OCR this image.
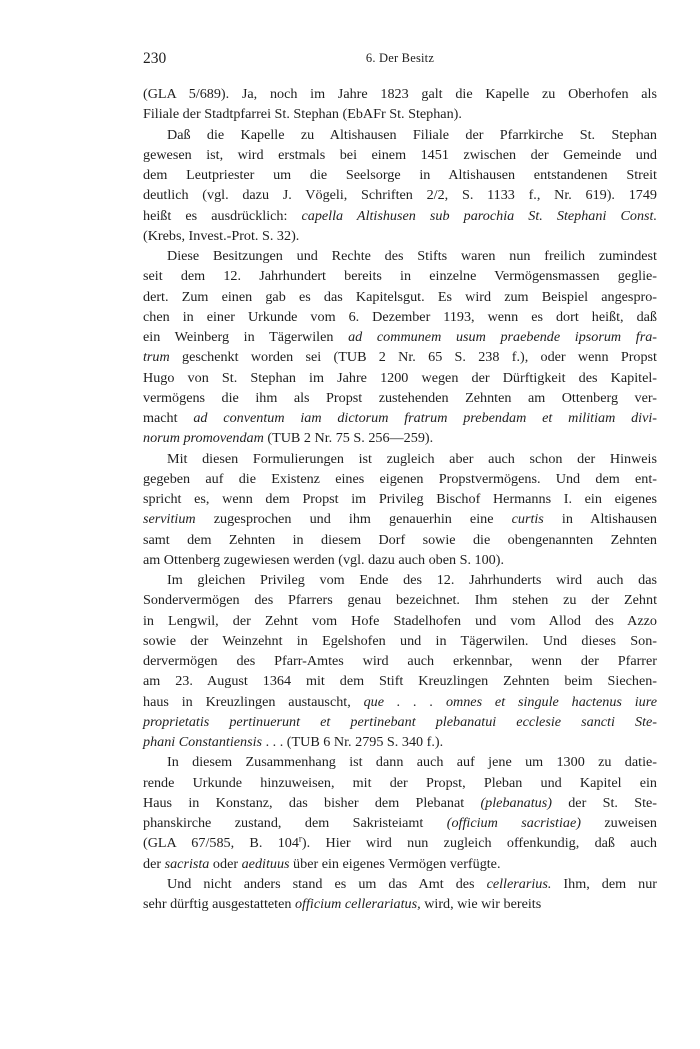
230	6. Der Besitz

(GLA 5/689). Ja, noch im Jahre 1823 galt die Kapelle zu Oberhofen als
Filiale der Stadtpfarrei St. Stephan (EbAFr St. Stephan).

Daß die Kapelle zu Altishausen Filiale der Pfarrkirche St. Stephan
gewesen ist, wird erstmals bei einem 1451 zwischen der Gemeinde und
dem Leutpriester um die Seelsorge in Altishausen entstandenen Streit
deutlich (vgl. dazu J. Vögeli, Schriften 2/2, S. 1133 f., Nr. 619). 1749
heißt es ausdrücklich: capella Altishusen sub parochia St. Stephani Const.
(Krebs, Invest.-Prot. S. 32).

Diese Besitzungen und Rechte des Stifts waren nun freilich zumindest
seit dem 12. Jahrhundert bereits in einzelne Vermögensmassen geglie-
dert. Zum einen gab es das Kapitelsgut. Es wird zum Beispiel angespro-
chen in einer Urkunde vom 6. Dezember 1193, wenn es dort heißt, daß
ein Weinberg in Tägerwilen ad communem usum praebende ipsorum fra-
trum geschenkt worden sei (TUB 2 Nr. 65 S. 238 f.), oder wenn Propst
Hugo von St. Stephan im Jahre 1200 wegen der Dürftigkeit des Kapitel-
vermögens die ihm als Propst zustehenden Zehnten am Ottenberg ver-
macht ad conventum iam dictorum fratrum prebendam et militiam divi-
norum promovendam (TUB 2 Nr. 75 S. 256—259).

Mit diesen Formulierungen ist zugleich aber auch schon der Hinweis
gegeben auf die Existenz eines eigenen Propstvermögens. Und dem ent-
spricht es, wenn dem Propst im Privileg Bischof Hermanns I. ein eigenes
servitium zugesprochen und ihm genauerhin eine curtis in Altishausen
samt dem Zehnten in diesem Dorf sowie die obengenannten Zehnten
am Ottenberg zugewiesen werden (vgl. dazu auch oben S. 100).

Im gleichen Privileg vom Ende des 12. Jahrhunderts wird auch das
Sondervermögen des Pfarrers genau bezeichnet. Ihm stehen zu der Zehnt
in Lengwil, der Zehnt vom Hofe Stadelhofen und vom Allod des Azzo
sowie der Weinzehnt in Egelshofen und in Tägerwilen. Und dieses Son-
dervermögen des Pfarr-Amtes wird auch erkennbar, wenn der Pfarrer
am 23. August 1364 mit dem Stift Kreuzlingen Zehnten beim Siechen-
haus in Kreuzlingen austauscht, que . . . omnes et singule hactenus iure
proprietatis pertinuerunt et pertinebant plebanatui ecclesie sancti Ste-
phani Constantiensis . . . (TUB 6 Nr. 2795 S. 340 f.).

In diesem Zusammenhang ist dann auch auf jene um 1300 zu datie-
rende Urkunde hinzuweisen, mit der Propst, Pleban und Kapitel ein
Haus in Konstanz, das bisher dem Plebanat (plebanatus) der St. Ste-
phanskirche zustand, dem Sakristeiamt (officium sacristiae) zuweisen
(GLA 67/585, B. 104$^r$). Hier wird nun zugleich offenkundig, daß auch
der sacrista oder aedituus über ein eigenes Vermögen verfügte.

Und nicht anders stand es um das Amt des cellerarius. Ihm, dem nur
sehr dürftig ausgestatteten officium cellerariatus, wird, wie wir bereits
